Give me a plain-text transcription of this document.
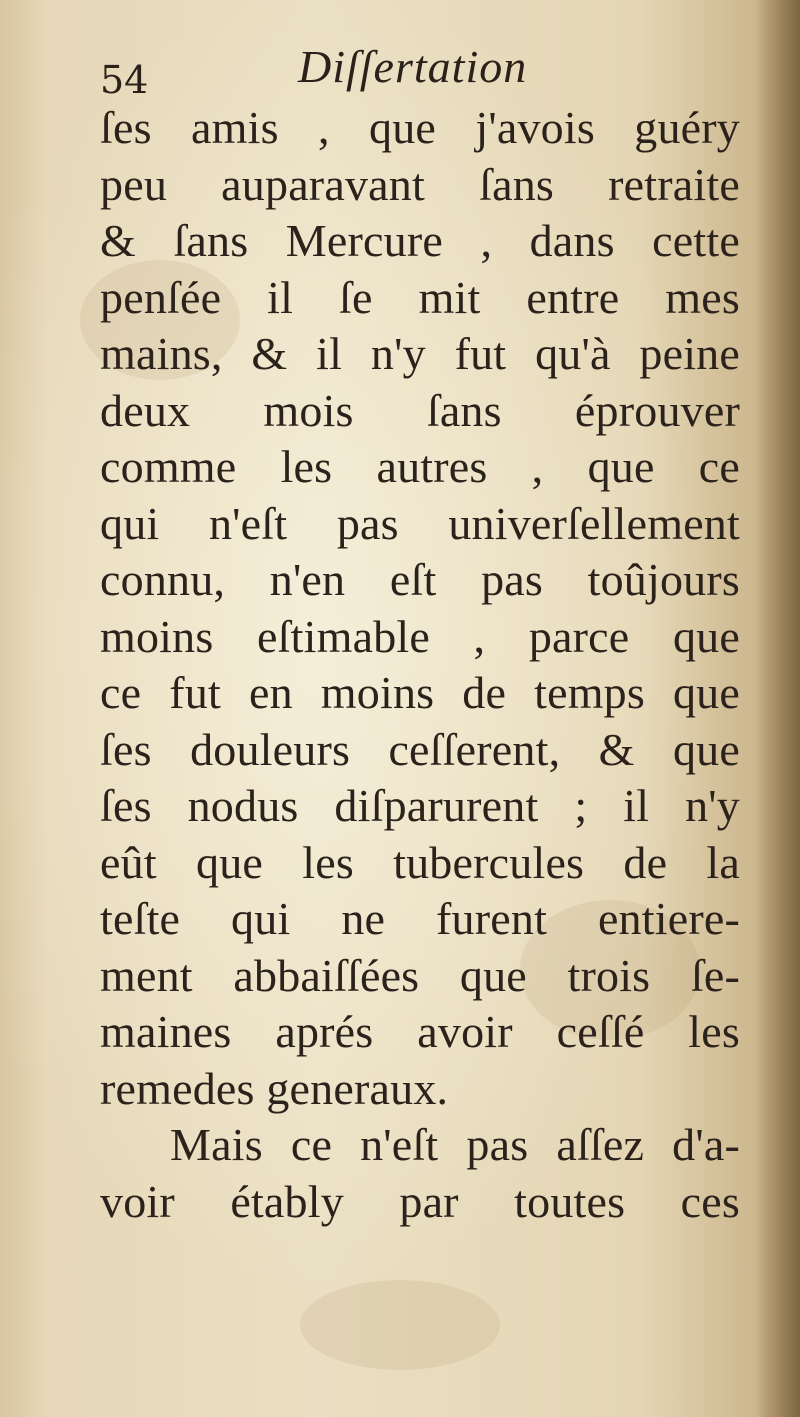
54	Diſſertation
ſes amis , que j'avois guéry
peu auparavant ſans retraite
& ſans Mercure , dans cette
penſée il ſe mit entre mes
mains, & il n'y fut qu'à peine
deux mois ſans éprouver
comme les autres , que ce
qui n'eſt pas univerſellement
connu, n'en eſt pas toûjours
moins eſtimable , parce que
ce fut en moins de temps que
ſes douleurs ceſſerent, & que
ſes nodus diſparurent ; il n'y
eût que les tubercules de la
teſte qui ne furent entiere-
ment abbaiſſées que trois ſe-
maines aprés avoir ceſſé les
remedes generaux.
Mais ce n'eſt pas aſſez d'a-
voir étably par toutes ces
